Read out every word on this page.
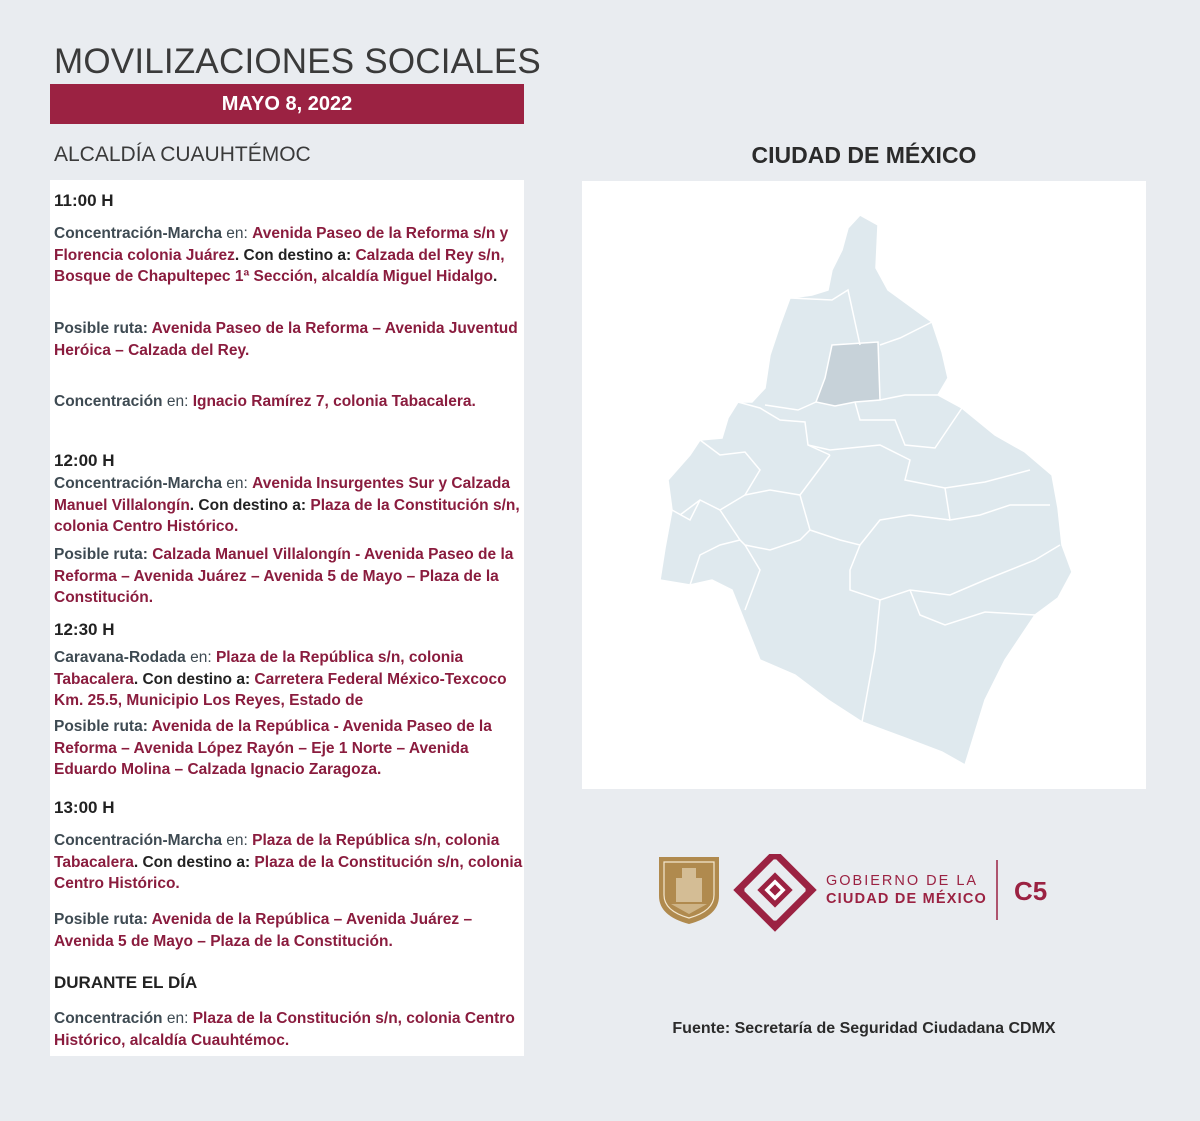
MOVILIZACIONES SOCIALES
MAYO 8, 2022
ALCALDÍA CUAUHTÉMOC
11:00 H
Concentración-Marcha en: Avenida Paseo de la Reforma s/n y Florencia colonia Juárez. Con destino a: Calzada del Rey s/n, Bosque de Chapultepec 1ª Sección, alcaldía Miguel Hidalgo.
Posible ruta: Avenida Paseo de la Reforma – Avenida Juventud Heróica – Calzada del Rey.
Concentración en: Ignacio Ramírez 7, colonia Tabacalera.
12:00 H
Concentración-Marcha en: Avenida Insurgentes Sur y Calzada Manuel Villalongín. Con destino a: Plaza de la Constitución s/n, colonia Centro Histórico.
Posible ruta: Calzada Manuel Villalongín - Avenida Paseo de la Reforma – Avenida Juárez – Avenida 5 de Mayo – Plaza de la Constitución.
12:30 H
Caravana-Rodada en: Plaza de la República s/n, colonia Tabacalera. Con destino a: Carretera Federal México-Texcoco Km. 25.5, Municipio Los Reyes, Estado de
Posible ruta: Avenida de la República - Avenida Paseo de la Reforma – Avenida López Rayón – Eje 1 Norte – Avenida Eduardo Molina – Calzada Ignacio Zaragoza.
13:00 H
Concentración-Marcha en: Plaza de la República s/n, colonia Tabacalera. Con destino a: Plaza de la Constitución s/n, colonia Centro Histórico.
Posible ruta: Avenida de la República – Avenida Juárez – Avenida 5 de Mayo – Plaza de la Constitución.
DURANTE EL DÍA
Concentración en: Plaza de la Constitución s/n, colonia Centro Histórico, alcaldía Cuauhtémoc.
CIUDAD DE MÉXICO
GOBIERNO DE LA
CIUDAD DE MÉXICO C5
Fuente: Secretaría de Seguridad Ciudadana CDMX
